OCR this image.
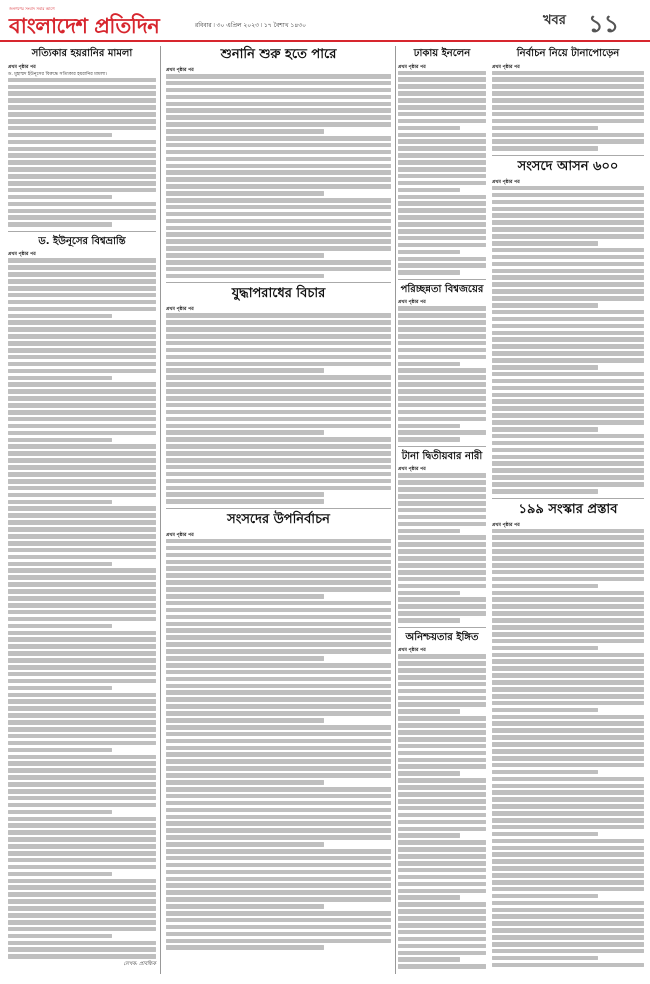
জনগণের সংবাদ সবার আগে
বাংলাদেশ প্রতিদিন	রবিবার ৷ ৩০ এপ্রিল ২০২৩ ৷ ১৭ বৈশাখ ১৪৩০	খবর ১১
সত্যিকার হয়রানির মামলা
প্রথম পৃষ্ঠার পর
ড. মুহাম্মদ ইউনূসের বিরুদ্ধে সত্যিকার হয়রানির মামলা।
ড. ইউনূসের বিশ্বভ্রান্তি
প্রথম পৃষ্ঠার পর
লেখক: প্রাবন্ধিক
শুনানি শুরু হতে পারে
প্রথম পৃষ্ঠার পর
যুদ্ধাপরাধের বিচার
প্রথম পৃষ্ঠার পর
সংসদের উপনির্বাচন
প্রথম পৃষ্ঠার পর
ঢাকায় ইনলেন
প্রথম পৃষ্ঠার পর
পরিচ্ছন্নতা বিশ্বজয়ের
প্রথম পৃষ্ঠার পর
টানা দ্বিতীয়বার নারী
প্রথম পৃষ্ঠার পর
অনিশ্চয়তার ইঙ্গিত
প্রথম পৃষ্ঠার পর
নির্বাচন নিয়ে টানাপোড়েন
প্রথম পৃষ্ঠার পর
সংসদে আসন ৬০০
প্রথম পৃষ্ঠার পর
১৯৯ সংস্কার প্রস্তাব
প্রথম পৃষ্ঠার পর
